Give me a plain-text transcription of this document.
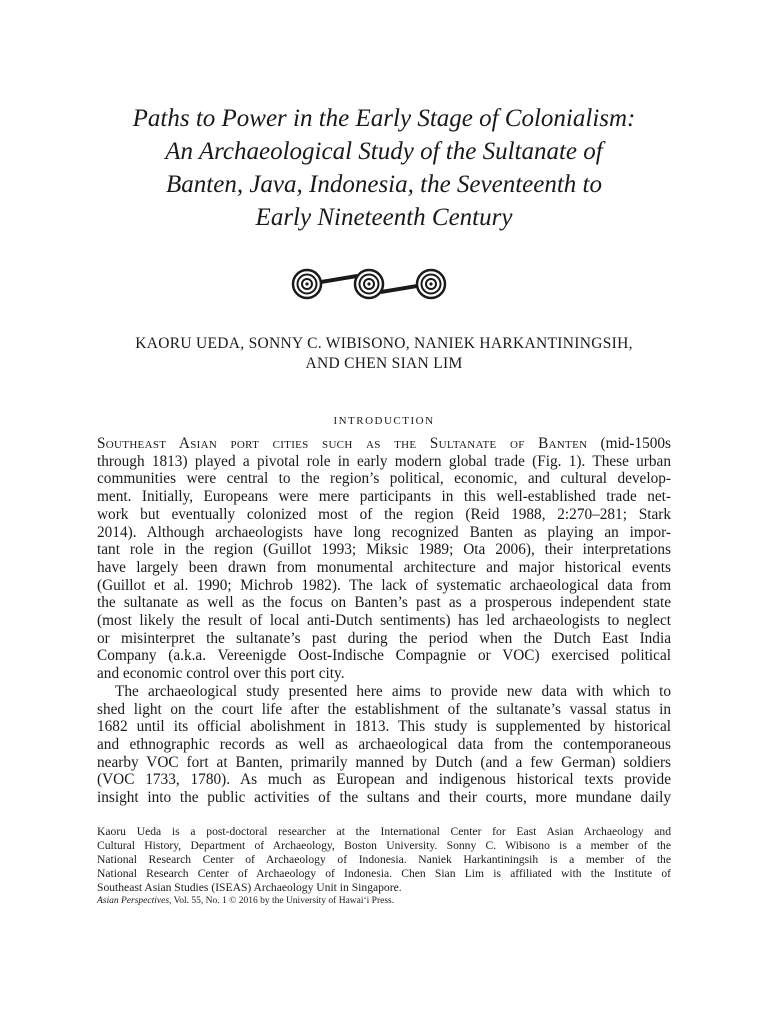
Paths to Power in the Early Stage of Colonialism:
An Archaeological Study of the Sultanate of
Banten, Java, Indonesia, the Seventeenth to
Early Nineteenth Century
KAORU UEDA, SONNY C. WIBISONO, NANIEK HARKANTININGSIH,
AND CHEN SIAN LIM
introduction

Southeast Asian port cities such as the Sultanate of Banten (mid-1500s

through 1813) played a pivotal role in early modern global trade (Fig. 1). These urban

communities were central to the region’s political, economic, and cultural develop-

ment. Initially, Europeans were mere participants in this well-established trade net-

work but eventually colonized most of the region (Reid 1988, 2:270–281; Stark

2014). Although archaeologists have long recognized Banten as playing an impor-

tant role in the region (Guillot 1993; Miksic 1989; Ota 2006), their interpretations

have largely been drawn from monumental architecture and major historical events

(Guillot et al. 1990; Michrob 1982). The lack of systematic archaeological data from

the sultanate as well as the focus on Banten’s past as a prosperous independent state

(most likely the result of local anti-Dutch sentiments) has led archaeologists to neglect

or misinterpret the sultanate’s past during the period when the Dutch East India

Company (a.k.a. Vereenigde Oost-Indische Compagnie or VOC) exercised political

and economic control over this port city.

The archaeological study presented here aims to provide new data with which to

shed light on the court life after the establishment of the sultanate’s vassal status in

1682 until its official abolishment in 1813. This study is supplemented by historical

and ethnographic records as well as archaeological data from the contemporaneous

nearby VOC fort at Banten, primarily manned by Dutch (and a few German) soldiers

(VOC 1733, 1780). As much as European and indigenous historical texts provide

insight into the public activities of the sultans and their courts, more mundane daily

Kaoru Ueda is a post-doctoral researcher at the International Center for East Asian Archaeology and

Cultural History, Department of Archaeology, Boston University. Sonny C. Wibisono is a member of the

National Research Center of Archaeology of Indonesia. Naniek Harkantiningsih is a member of the

National Research Center of Archaeology of Indonesia. Chen Sian Lim is affiliated with the Institute of

Southeast Asian Studies (ISEAS) Archaeology Unit in Singapore.

Asian Perspectives, Vol. 55, No. 1 © 2016 by the University of Hawai‘i Press.
